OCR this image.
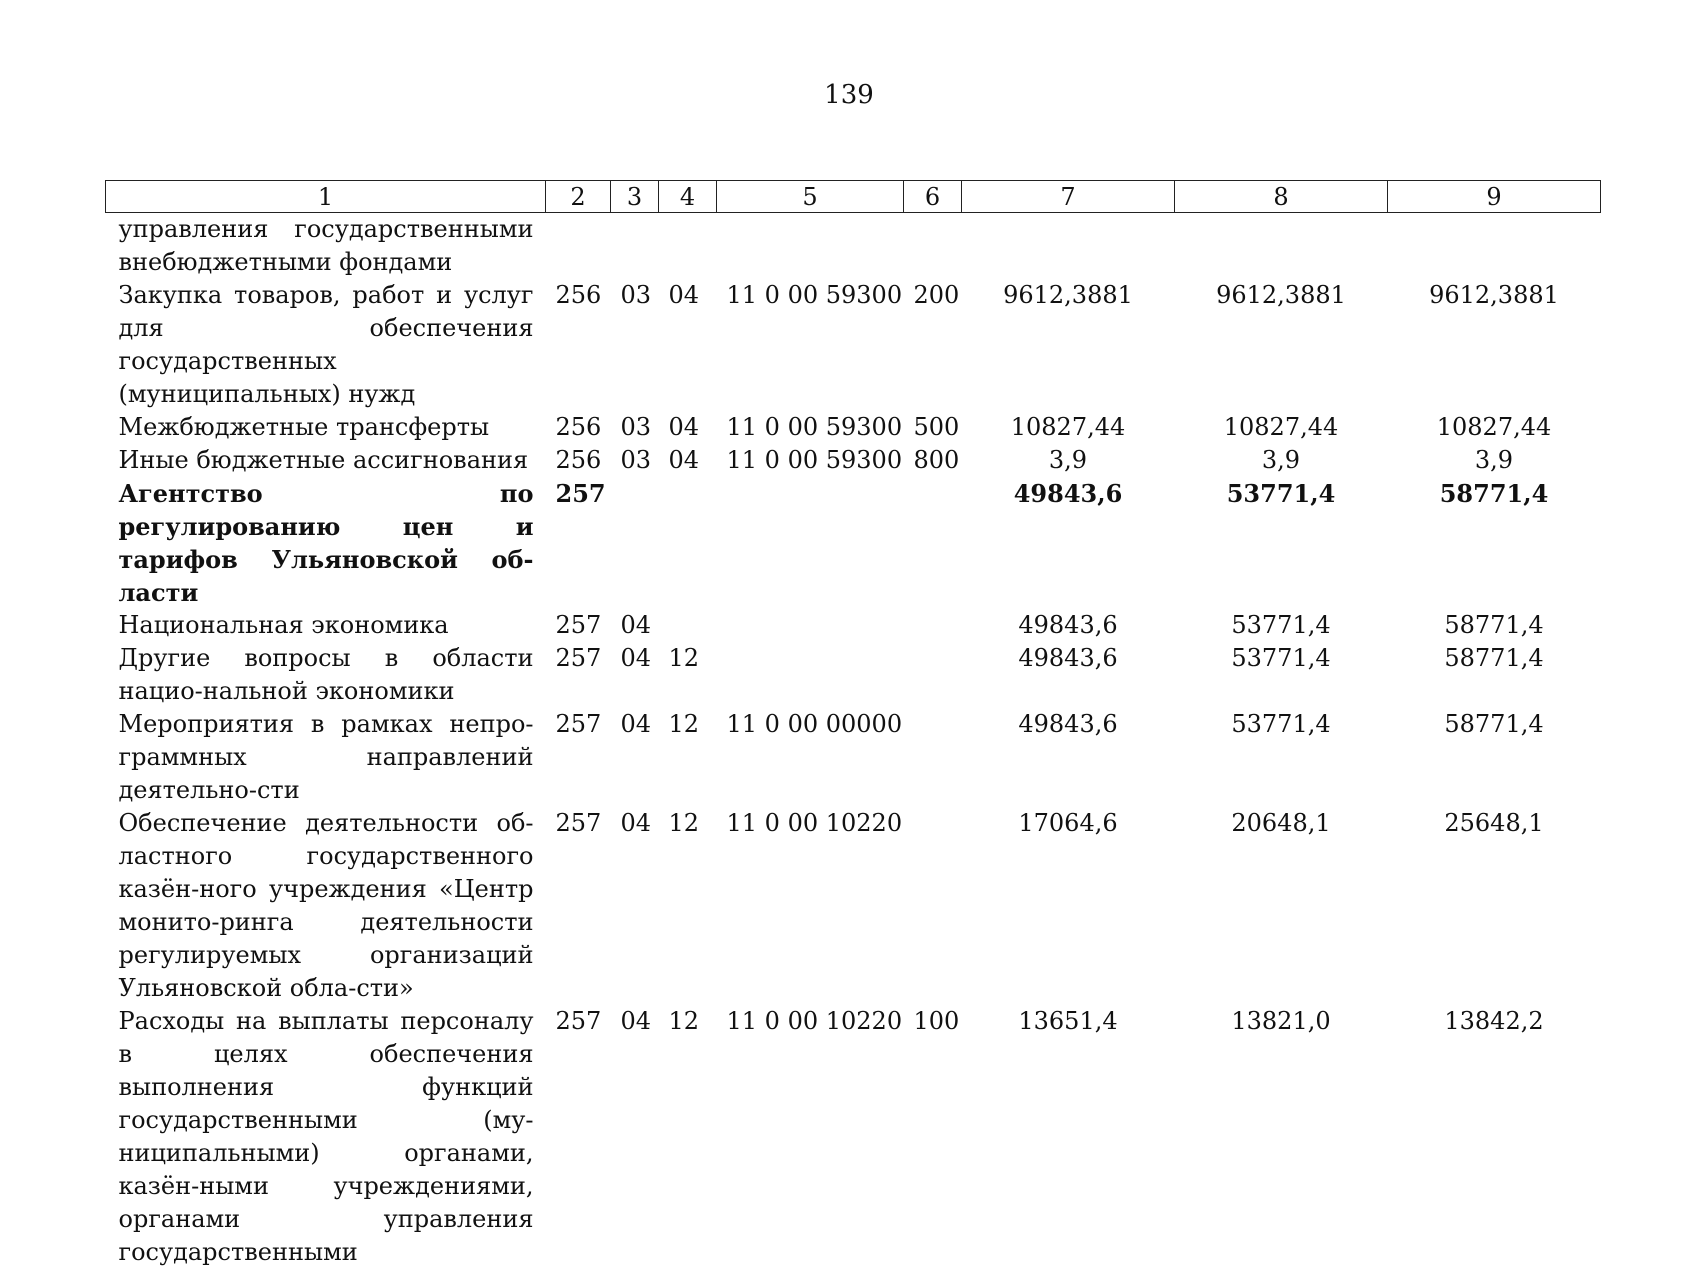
139
1	2	3	4	5	6	7	8	9
управления государственными внебюджетными фондами								
Закупка товаров, работ и услуг для обеспечения государственных (муниципальных) нужд	256	03	04	11 0 00 59300	200	9612,3881	9612,3881	9612,3881
Межбюджетные трансферты	256	03	04	11 0 00 59300	500	10827,44	10827,44	10827,44
Иные бюджетные ассигнования	256	03	04	11 0 00 59300	800	3,9	3,9	3,9
Агентство по регулированию цен и тарифов Ульяновской об-ласти	257					49843,6	53771,4	58771,4
Национальная экономика	257	04				49843,6	53771,4	58771,4
Другие вопросы в области нацио-нальной экономики	257	04	12			49843,6	53771,4	58771,4
Мероприятия в рамках непро-граммных направлений деятельно-сти	257	04	12	11 0 00 00000		49843,6	53771,4	58771,4
Обеспечение деятельности об-ластного государственного казён-ного учреждения «Центр монито-ринга деятельности регулируемых организаций Ульяновской обла-сти»	257	04	12	11 0 00 10220		17064,6	20648,1	25648,1
Расходы на выплаты персоналу в целях обеспечения выполнения функций государственными (му-ниципальными) органами, казён-ными учреждениями, органами управления государственными	257	04	12	11 0 00 10220	100	13651,4	13821,0	13842,2
